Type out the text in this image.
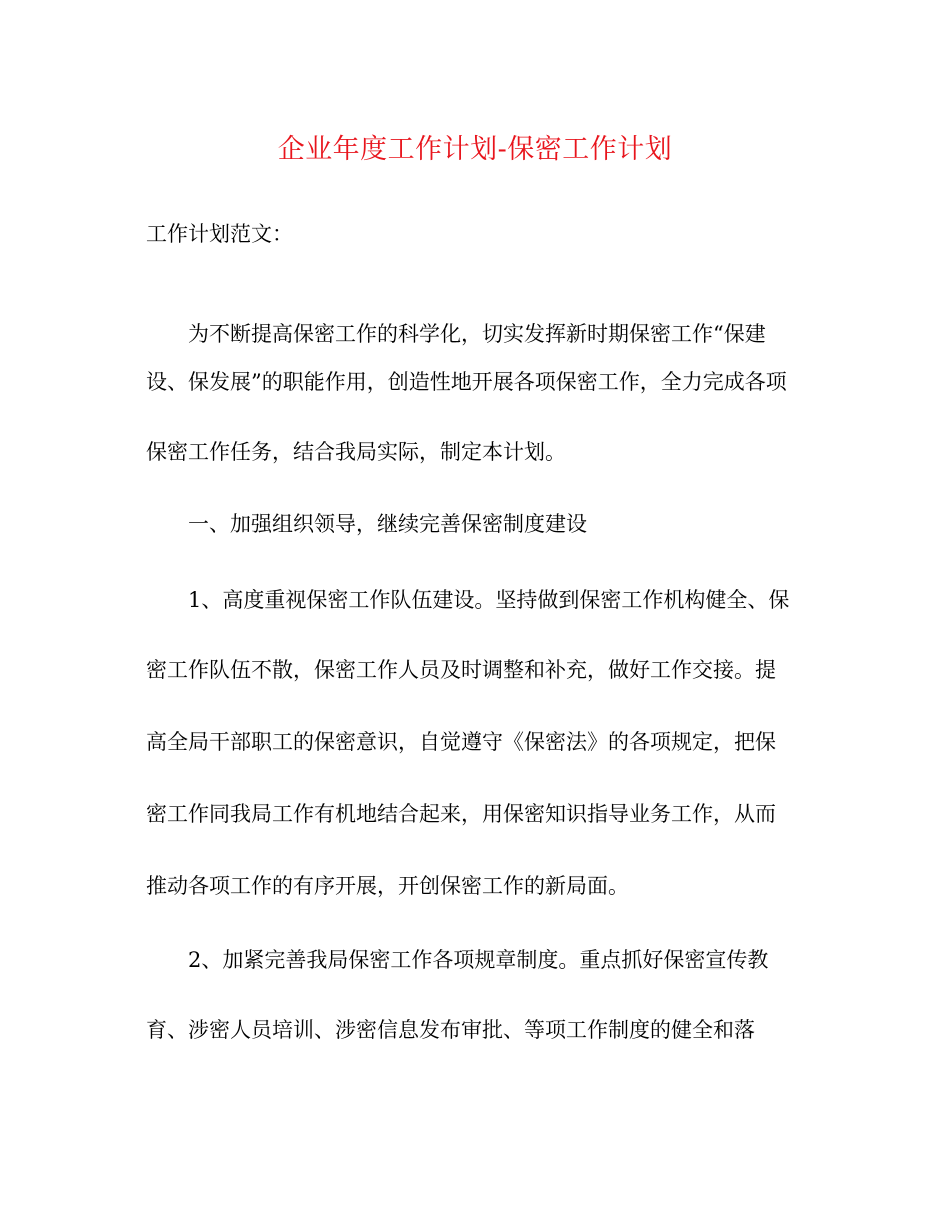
企业年度工作计划-保密工作计划
工作计划范文：
为不断提高保密工作的科学化，切实发挥新时期保密工作“保建
设、保发展”的职能作用，创造性地开展各项保密工作，全力完成各项
保密工作任务，结合我局实际，制定本计划。
一、加强组织领导，继续完善保密制度建设
1、高度重视保密工作队伍建设。坚持做到保密工作机构健全、保
密工作队伍不散，保密工作人员及时调整和补充，做好工作交接。提
高全局干部职工的保密意识，自觉遵守《保密法》的各项规定，把保
密工作同我局工作有机地结合起来，用保密知识指导业务工作，从而
推动各项工作的有序开展，开创保密工作的新局面。
2、加紧完善我局保密工作各项规章制度。重点抓好保密宣传教
育、涉密人员培训、涉密信息发布审批、等项工作制度的健全和落
